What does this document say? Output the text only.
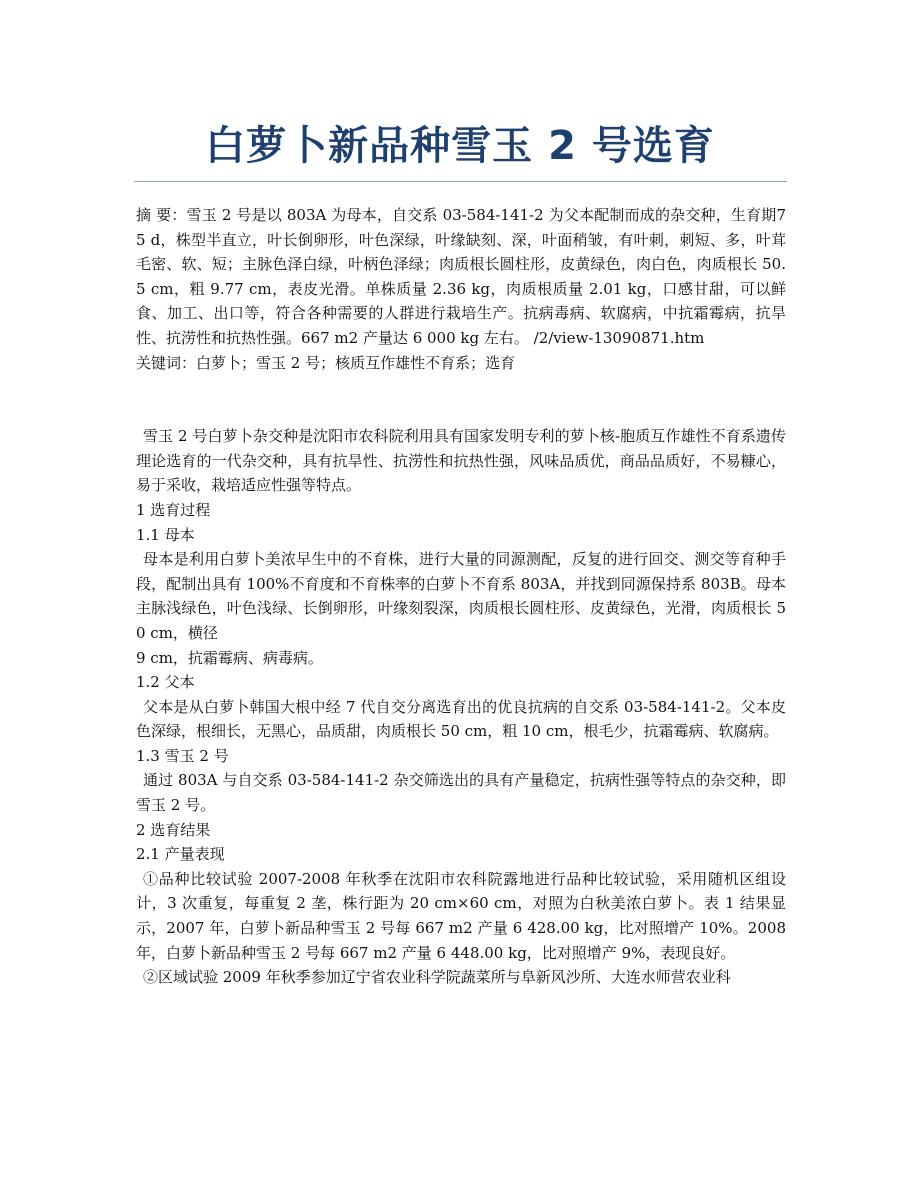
白萝卜新品种雪玉 2 号选育

摘 要：雪玉 2 号是以 803A 为母本，自交系 03-584-141-2 为父本配制而成的杂交种，生育期75 d，株型半直立，叶长倒卵形，叶色深绿，叶缘缺刻、深，叶面稍皱，有叶刺，刺短、多，叶茸毛密、软、短；主脉色泽白绿，叶柄色泽绿；肉质根长圆柱形，皮黄绿色，肉白色，肉质根长 50.5 cm，粗 9.77 cm，表皮光滑。单株质量 2.36 kg，肉质根质量 2.01 kg，口感甘甜，可以鲜食、加工、出口等，符合各种需要的人群进行栽培生产。抗病毒病、软腐病，中抗霜霉病，抗旱性、抗涝性和抗热性强。667 m2 产量达 6 000 kg 左右。 /2/view-13090871.htm

关键词：白萝卜；雪玉 2 号；核质互作雄性不育系；选育

雪玉 2 号白萝卜杂交种是沈阳市农科院利用具有国家发明专利的萝卜核-胞质互作雄性不育系遗传理论选育的一代杂交种，具有抗旱性、抗涝性和抗热性强，风味品质优，商品品质好，不易糠心，易于采收，栽培适应性强等特点。

1 选育过程

1.1 母本

母本是利用白萝卜美浓早生中的不育株，进行大量的同源测配，反复的进行回交、测交等育种手段，配制出具有 100%不育度和不育株率的白萝卜不育系 803A，并找到同源保持系 803B。母本主脉浅绿色，叶色浅绿、长倒卵形，叶缘刻裂深，肉质根长圆柱形、皮黄绿色，光滑，肉质根长 50 cm，横径

9 cm，抗霜霉病、病毒病。

1.2 父本

父本是从白萝卜韩国大根中经 7 代自交分离选育出的优良抗病的自交系 03-584-141-2。父本皮色深绿，根细长，无黑心，品质甜，肉质根长 50 cm，粗 10 cm，根毛少，抗霜霉病、软腐病。

1.3 雪玉 2 号

通过 803A 与自交系 03-584-141-2 杂交筛选出的具有产量稳定，抗病性强等特点的杂交种，即雪玉 2 号。

2 选育结果

2.1 产量表现

①品种比较试验 2007-2008 年秋季在沈阳市农科院露地进行品种比较试验，采用随机区组设计，3 次重复，每重复 2 垄，株行距为 20 cm×60 cm，对照为白秋美浓白萝卜。表 1 结果显示，2007 年，白萝卜新品种雪玉 2 号每 667 m2 产量 6 428.00 kg，比对照增产 10%。2008 年，白萝卜新品种雪玉 2 号每 667 m2 产量 6 448.00 kg，比对照增产 9%，表现良好。

②区域试验 2009 年秋季参加辽宁省农业科学院蔬菜所与阜新风沙所、大连水师营农业科
